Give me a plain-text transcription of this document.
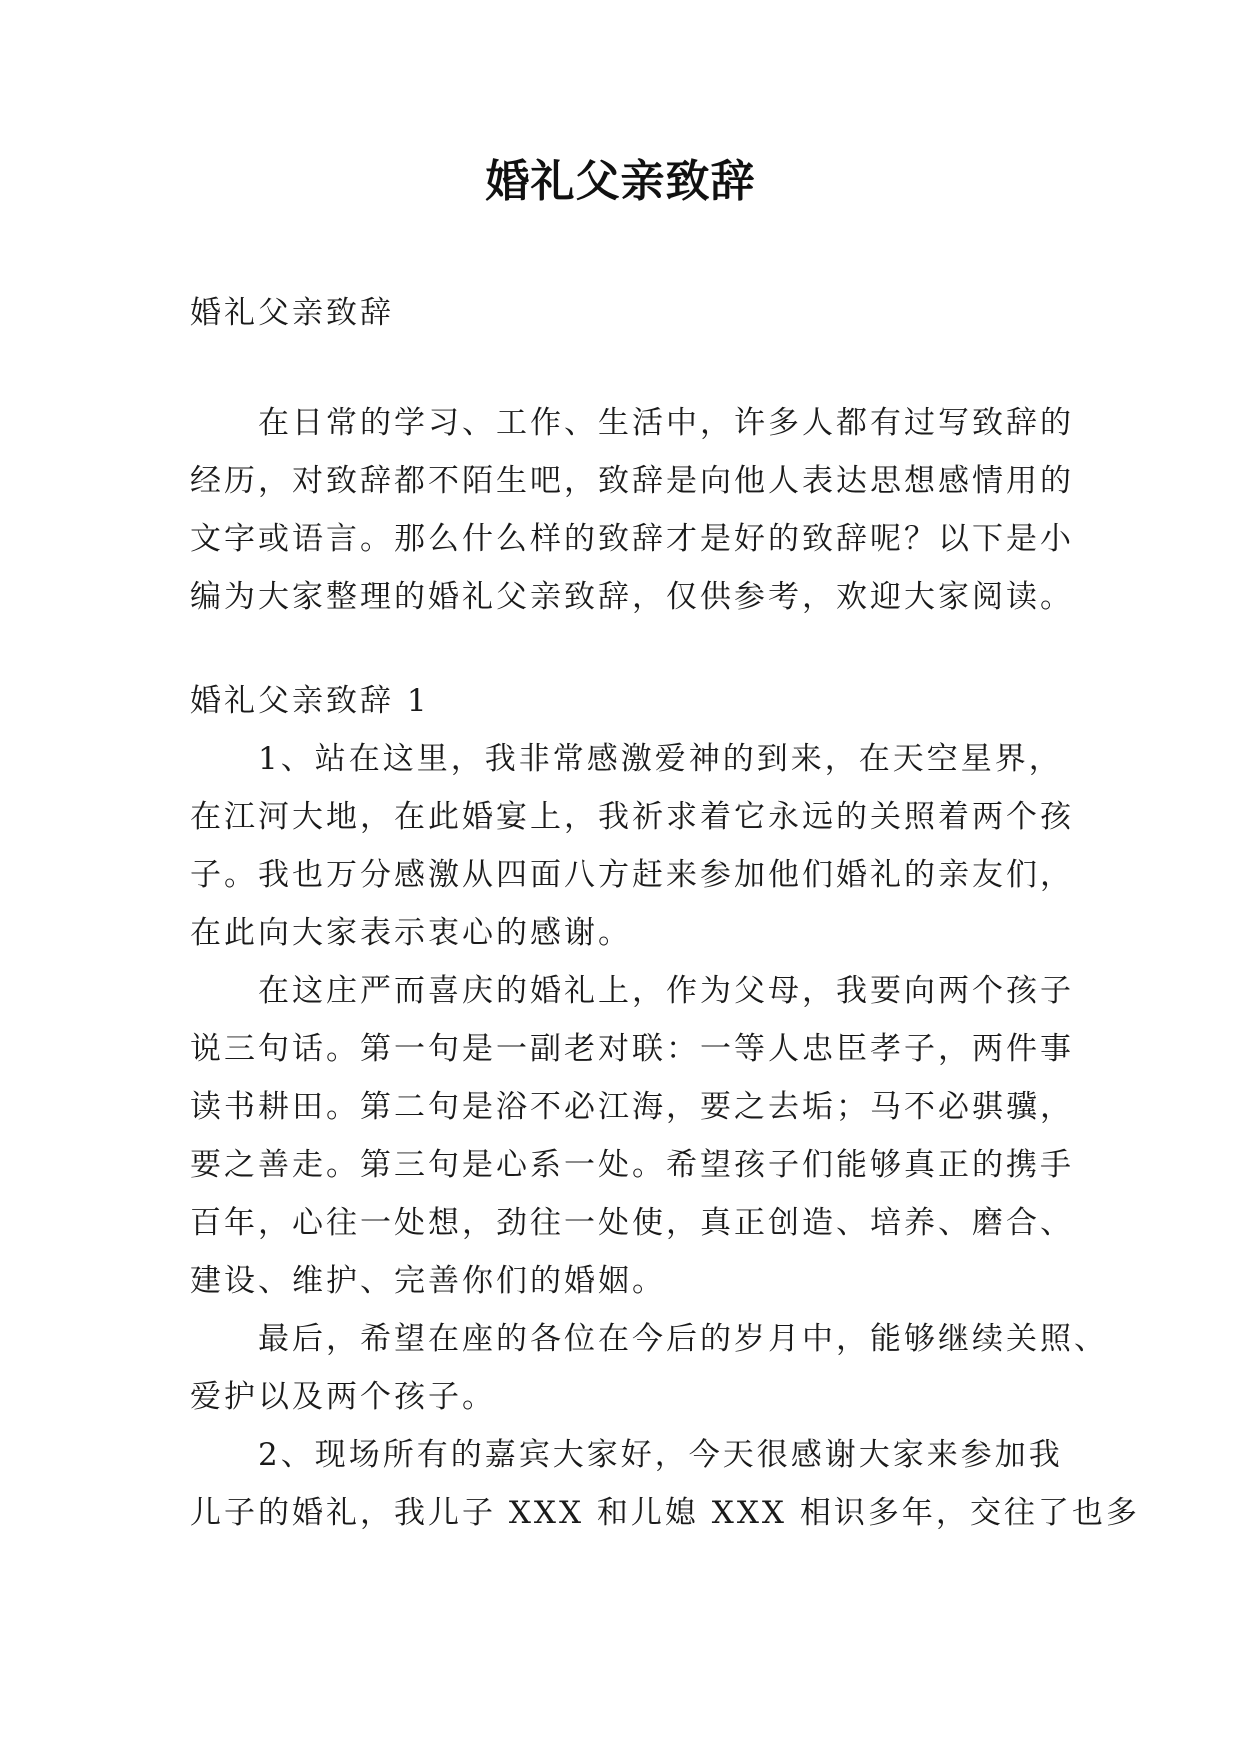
婚礼父亲致辞

婚礼父亲致辞

在日常的学习、工作、生活中，许多人都有过写致辞的

经历，对致辞都不陌生吧，致辞是向他人表达思想感情用的

文字或语言。那么什么样的致辞才是好的致辞呢？以下是小

编为大家整理的婚礼父亲致辞，仅供参考，欢迎大家阅读。

婚礼父亲致辞 1

1、站在这里，我非常感激爱神的到来，在天空星界，

在江河大地，在此婚宴上，我祈求着它永远的关照着两个孩

子。我也万分感激从四面八方赶来参加他们婚礼的亲友们，

在此向大家表示衷心的感谢。

在这庄严而喜庆的婚礼上，作为父母，我要向两个孩子

说三句话。第一句是一副老对联：一等人忠臣孝子，两件事

读书耕田。第二句是浴不必江海，要之去垢；马不必骐骥，

要之善走。第三句是心系一处。希望孩子们能够真正的携手

百年，心往一处想，劲往一处使，真正创造、培养、磨合、

建设、维护、完善你们的婚姻。

最后，希望在座的各位在今后的岁月中，能够继续关照、

爱护以及两个孩子。

2、现场所有的嘉宾大家好，今天很感谢大家来参加我

儿子的婚礼，我儿子 XXX 和儿媳 XXX 相识多年，交往了也多
